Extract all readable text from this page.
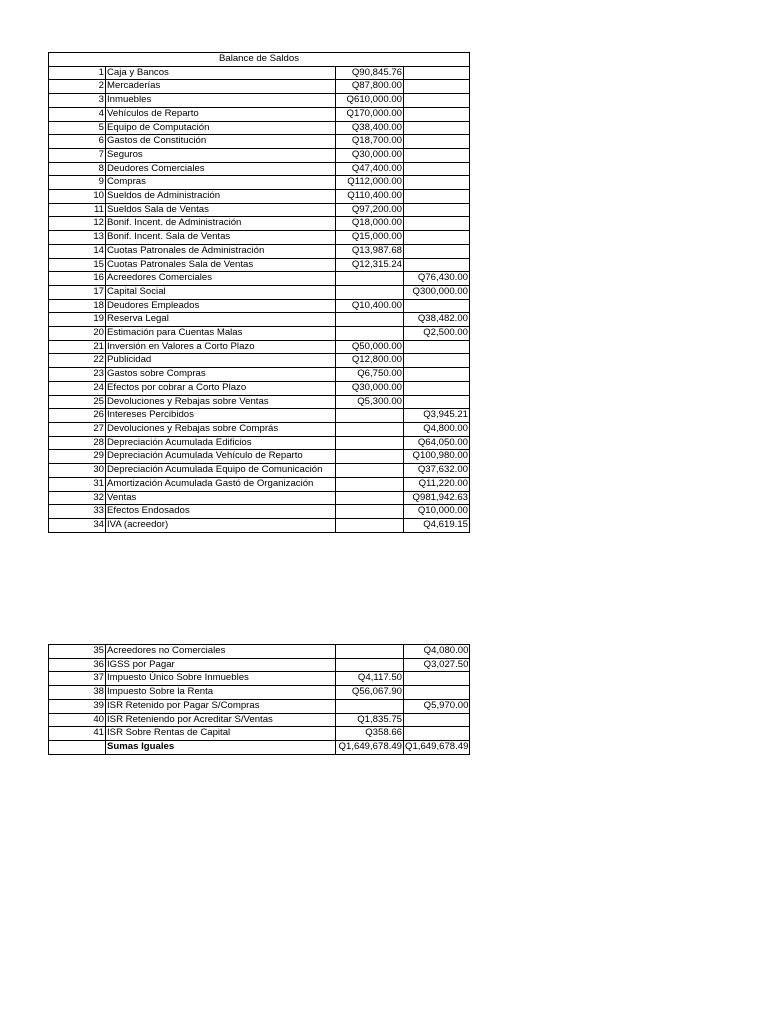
Balance de Saldos			
1	Caja y Bancos	Q90,845.76	
2	Mercaderías	Q87,800.00	
3	Inmuebles	Q610,000.00	
4	Vehículos de Reparto	Q170,000.00	
5	Equipo de Computación	Q38,400.00	
6	Gastos de Constitución	Q18,700.00	
7	Seguros	Q30,000.00	
8	Deudores Comerciales	Q47,400.00	
9	Compras	Q112,000.00	
10	Sueldos de Administración	Q110,400.00	
11	Sueldos Sala de Ventas	Q97,200.00	
12	Bonif. Incent. de Administración	Q18,000.00	
13	Bonif. Incent. Sala de Ventas	Q15,000.00	
14	Cuotas Patronales de Administración	Q13,987.68	
15	Cuotas Patronales Sala de Ventas	Q12,315.24	
16	Acreedores Comerciales		Q76,430.00
17	Capital Social		Q300,000.00
18	Deudores Empleados	Q10,400.00	
19	Reserva Legal		Q38,482.00
20	Estimación para Cuentas Malas		Q2,500.00
21	Inversión en Valores a Corto Plazo	Q50,000.00	
22	Publicidad	Q12,800.00	
23	Gastos sobre Compras	Q6,750.00	
24	Efectos por cobrar a Corto Plazo	Q30,000.00	
25	Devoluciones y Rebajas sobre Ventas	Q5,300.00	
26	Intereses Percibidos		Q3,945.21
27	Devoluciones y Rebajas sobre Comprás		Q4,800.00
28	Depreciación Acumulada Edificios		Q64,050.00
29	Depreciación Acumulada Vehículo de Reparto		Q100,980.00
30	Depreciación Acumulada Equipo de Comunicación		Q37,632.00
31	Amortización Acumulada Gastó de Organización		Q11,220.00
32	Ventas		Q981,942.63
33	Efectos Endosados		Q10,000.00
34	IVA (acreedor)		Q4,619.15
35	Acreedores no Comerciales		Q4,080.00
36	IGSS por Pagar		Q3,027.50
37	Impuesto Único Sobre Inmuebles	Q4,117.50	
38	Impuesto Sobre la Renta	Q56,067.90	
39	ISR Retenido por Pagar S/Compras		Q5,970.00
40	ISR Reteniendo por Acreditar S/Ventas	Q1,835.75	
41	ISR Sobre Rentas de Capital	Q358.66	
	Sumas Iguales	Q1,649,678.49	Q1,649,678.49
